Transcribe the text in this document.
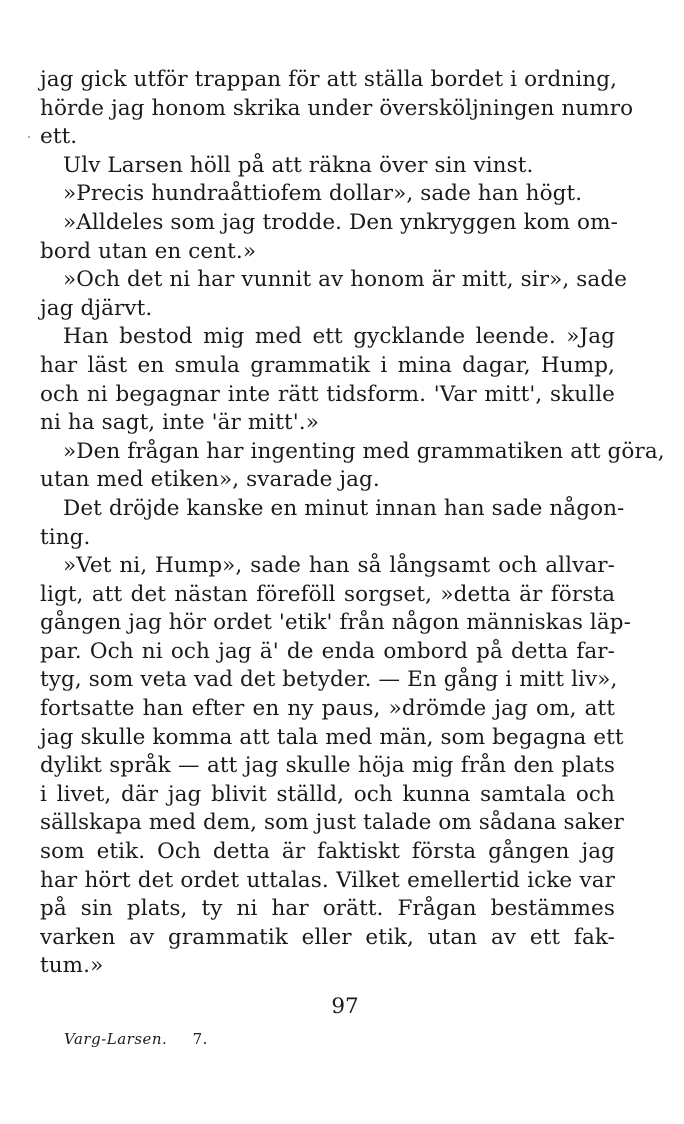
jag gick utför trappan för att ställa bordet i ordning,
hörde jag honom skrika under översköljningen numro
ett.
Ulv Larsen höll på att räkna över sin vinst.
»Precis hundraåttiofem dollar», sade han högt.
»Alldeles som jag trodde. Den ynkryggen kom om-
bord utan en cent.»
»Och det ni har vunnit av honom är mitt, sir», sade
jag djärvt.
Han bestod mig med ett gycklande leende. »Jag
har läst en smula grammatik i mina dagar, Hump,
och ni begagnar inte rätt tidsform. 'Var mitt', skulle
ni ha sagt, inte 'är mitt'.»
»Den frågan har ingenting med grammatiken att göra,
utan med etiken», svarade jag.
Det dröjde kanske en minut innan han sade någon-
ting.
»Vet ni, Hump», sade han så långsamt och allvar-
ligt, att det nästan föreföll sorgset, »detta är första
gången jag hör ordet 'etik' från någon människas läp-
par. Och ni och jag ä' de enda ombord på detta far-
tyg, som veta vad det betyder. — En gång i mitt liv»,
fortsatte han efter en ny paus, »drömde jag om, att
jag skulle komma att tala med män, som begagna ett
dylikt språk — att jag skulle höja mig från den plats
i livet, där jag blivit ställd, och kunna samtala och
sällskapa med dem, som just talade om sådana saker
som etik. Och detta är faktiskt första gången jag
har hört det ordet uttalas. Vilket emellertid icke var
på sin plats, ty ni har orätt. Frågan bestämmes
varken av grammatik eller etik, utan av ett fak-
tum.»
97
Varg-Larsen. 7.
